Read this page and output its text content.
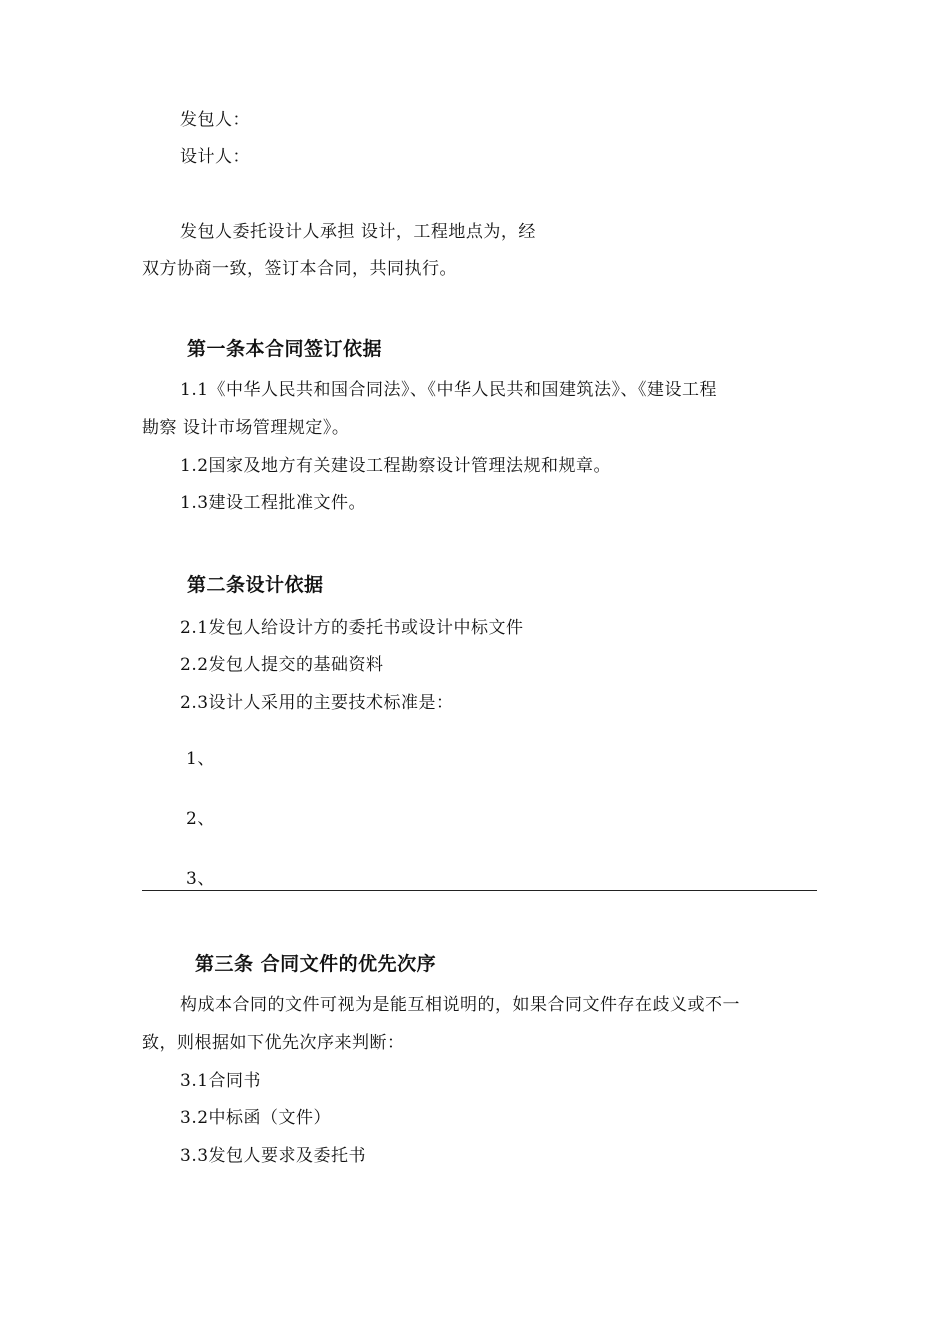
发包人：
设计人：
发包人委托设计人承担 设计，工程地点为，经
双方协商一致，签订本合同，共同执行。
第一条本合同签订依据
1.1《中华人民共和国合同法》、《中华人民共和国建筑法》、《建设工程
勘察 设计市场管理规定》。
1.2国家及地方有关建设工程勘察设计管理法规和规章。
1.3建设工程批准文件。
第二条设计依据
2.1发包人给设计方的委托书或设计中标文件
2.2发包人提交的基础资料
2.3设计人采用的主要技术标准是：
1、
2、
3、
第三条 合同文件的优先次序
构成本合同的文件可视为是能互相说明的，如果合同文件存在歧义或不一
致，则根据如下优先次序来判断：
3.1合同书
3.2中标函（文件）
3.3发包人要求及委托书
